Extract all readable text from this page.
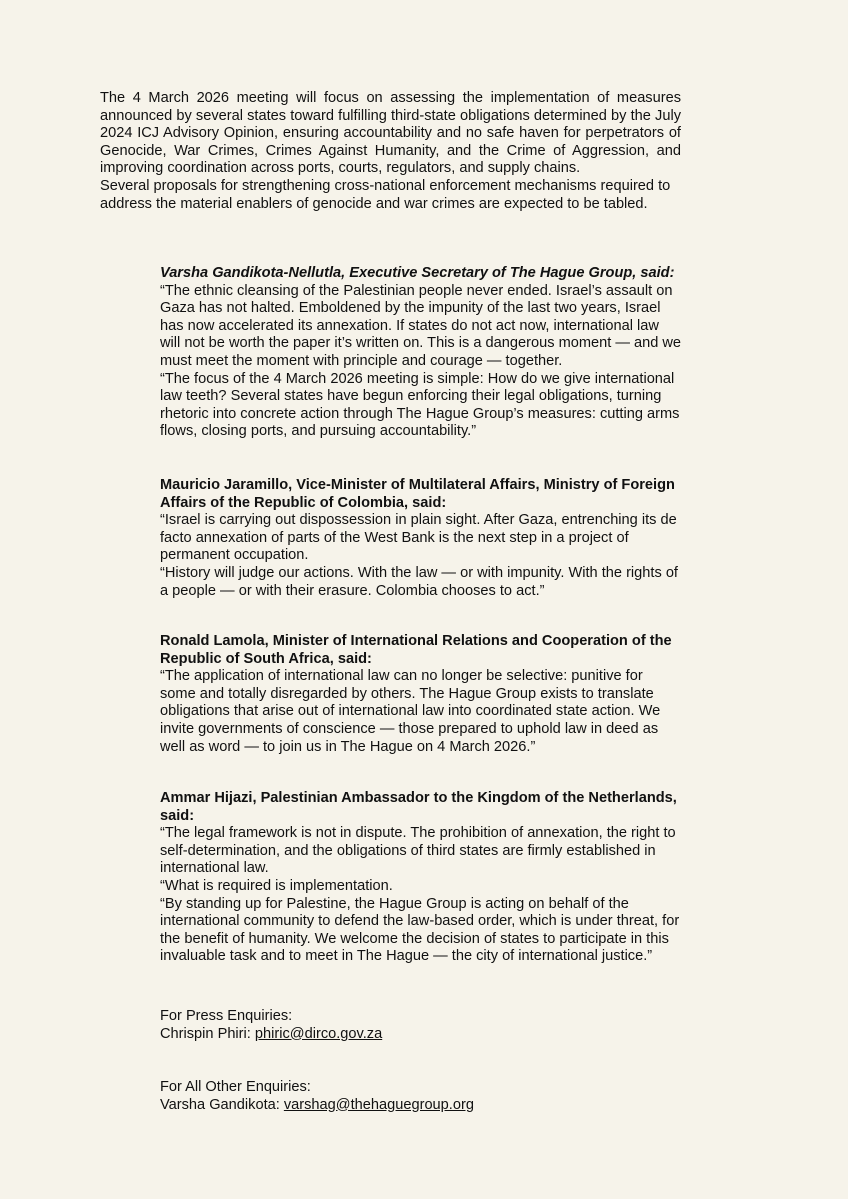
The 4 March 2026 meeting will focus on assessing the implementation of measures announced by several states toward fulfilling third-state obligations determined by the July 2024 ICJ Advisory Opinion, ensuring accountability and no safe haven for perpetrators of Genocide, War Crimes, Crimes Against Humanity, and the Crime of Aggression, and improving coordination across ports, courts, regulators, and supply chains.

Several proposals for strengthening cross-national enforcement mechanisms required to address the material enablers of genocide and war crimes are expected to be tabled.

Varsha Gandikota-Nellutla, Executive Secretary of The Hague Group, said:

“The ethnic cleansing of the Palestinian people never ended. Israel’s assault on Gaza has not halted. Emboldened by the impunity of the last two years, Israel has now accelerated its annexation. If states do not act now, international law will not be worth the paper it’s written on. This is a dangerous moment — and we must meet the moment with principle and courage — together.

“The focus of the 4 March 2026 meeting is simple: How do we give international law teeth? Several states have begun enforcing their legal obligations, turning rhetoric into concrete action through The Hague Group’s measures: cutting arms flows, closing ports, and pursuing accountability.”

Mauricio Jaramillo, Vice-Minister of Multilateral Affairs, Ministry of Foreign Affairs of the Republic of Colombia, said:

“Israel is carrying out dispossession in plain sight. After Gaza, entrenching its de facto annexation of parts of the West Bank is the next step in a project of permanent occupation.

“History will judge our actions. With the law — or with impunity. With the rights of a people — or with their erasure. Colombia chooses to act.”

Ronald Lamola, Minister of International Relations and Cooperation of the Republic of South Africa, said:

“The application of international law can no longer be selective: punitive for some and totally disregarded by others. The Hague Group exists to translate obligations that arise out of international law into coordinated state action. We invite governments of conscience — those prepared to uphold law in deed as well as word — to join us in The Hague on 4 March 2026.”

Ammar Hijazi, Palestinian Ambassador to the Kingdom of the Netherlands, said:

“The legal framework is not in dispute. The prohibition of annexation, the right to self-determination, and the obligations of third states are firmly established in international law.

“What is required is implementation.

“By standing up for Palestine, the Hague Group is acting on behalf of the international community to defend the law-based order, which is under threat, for the benefit of humanity. We welcome the decision of states to participate in this invaluable task and to meet in The Hague — the city of international justice.”

For Press Enquiries:

Chrispin Phiri: phiric@dirco.gov.za

For All Other Enquiries:

Varsha Gandikota: varshag@thehaguegroup.org
